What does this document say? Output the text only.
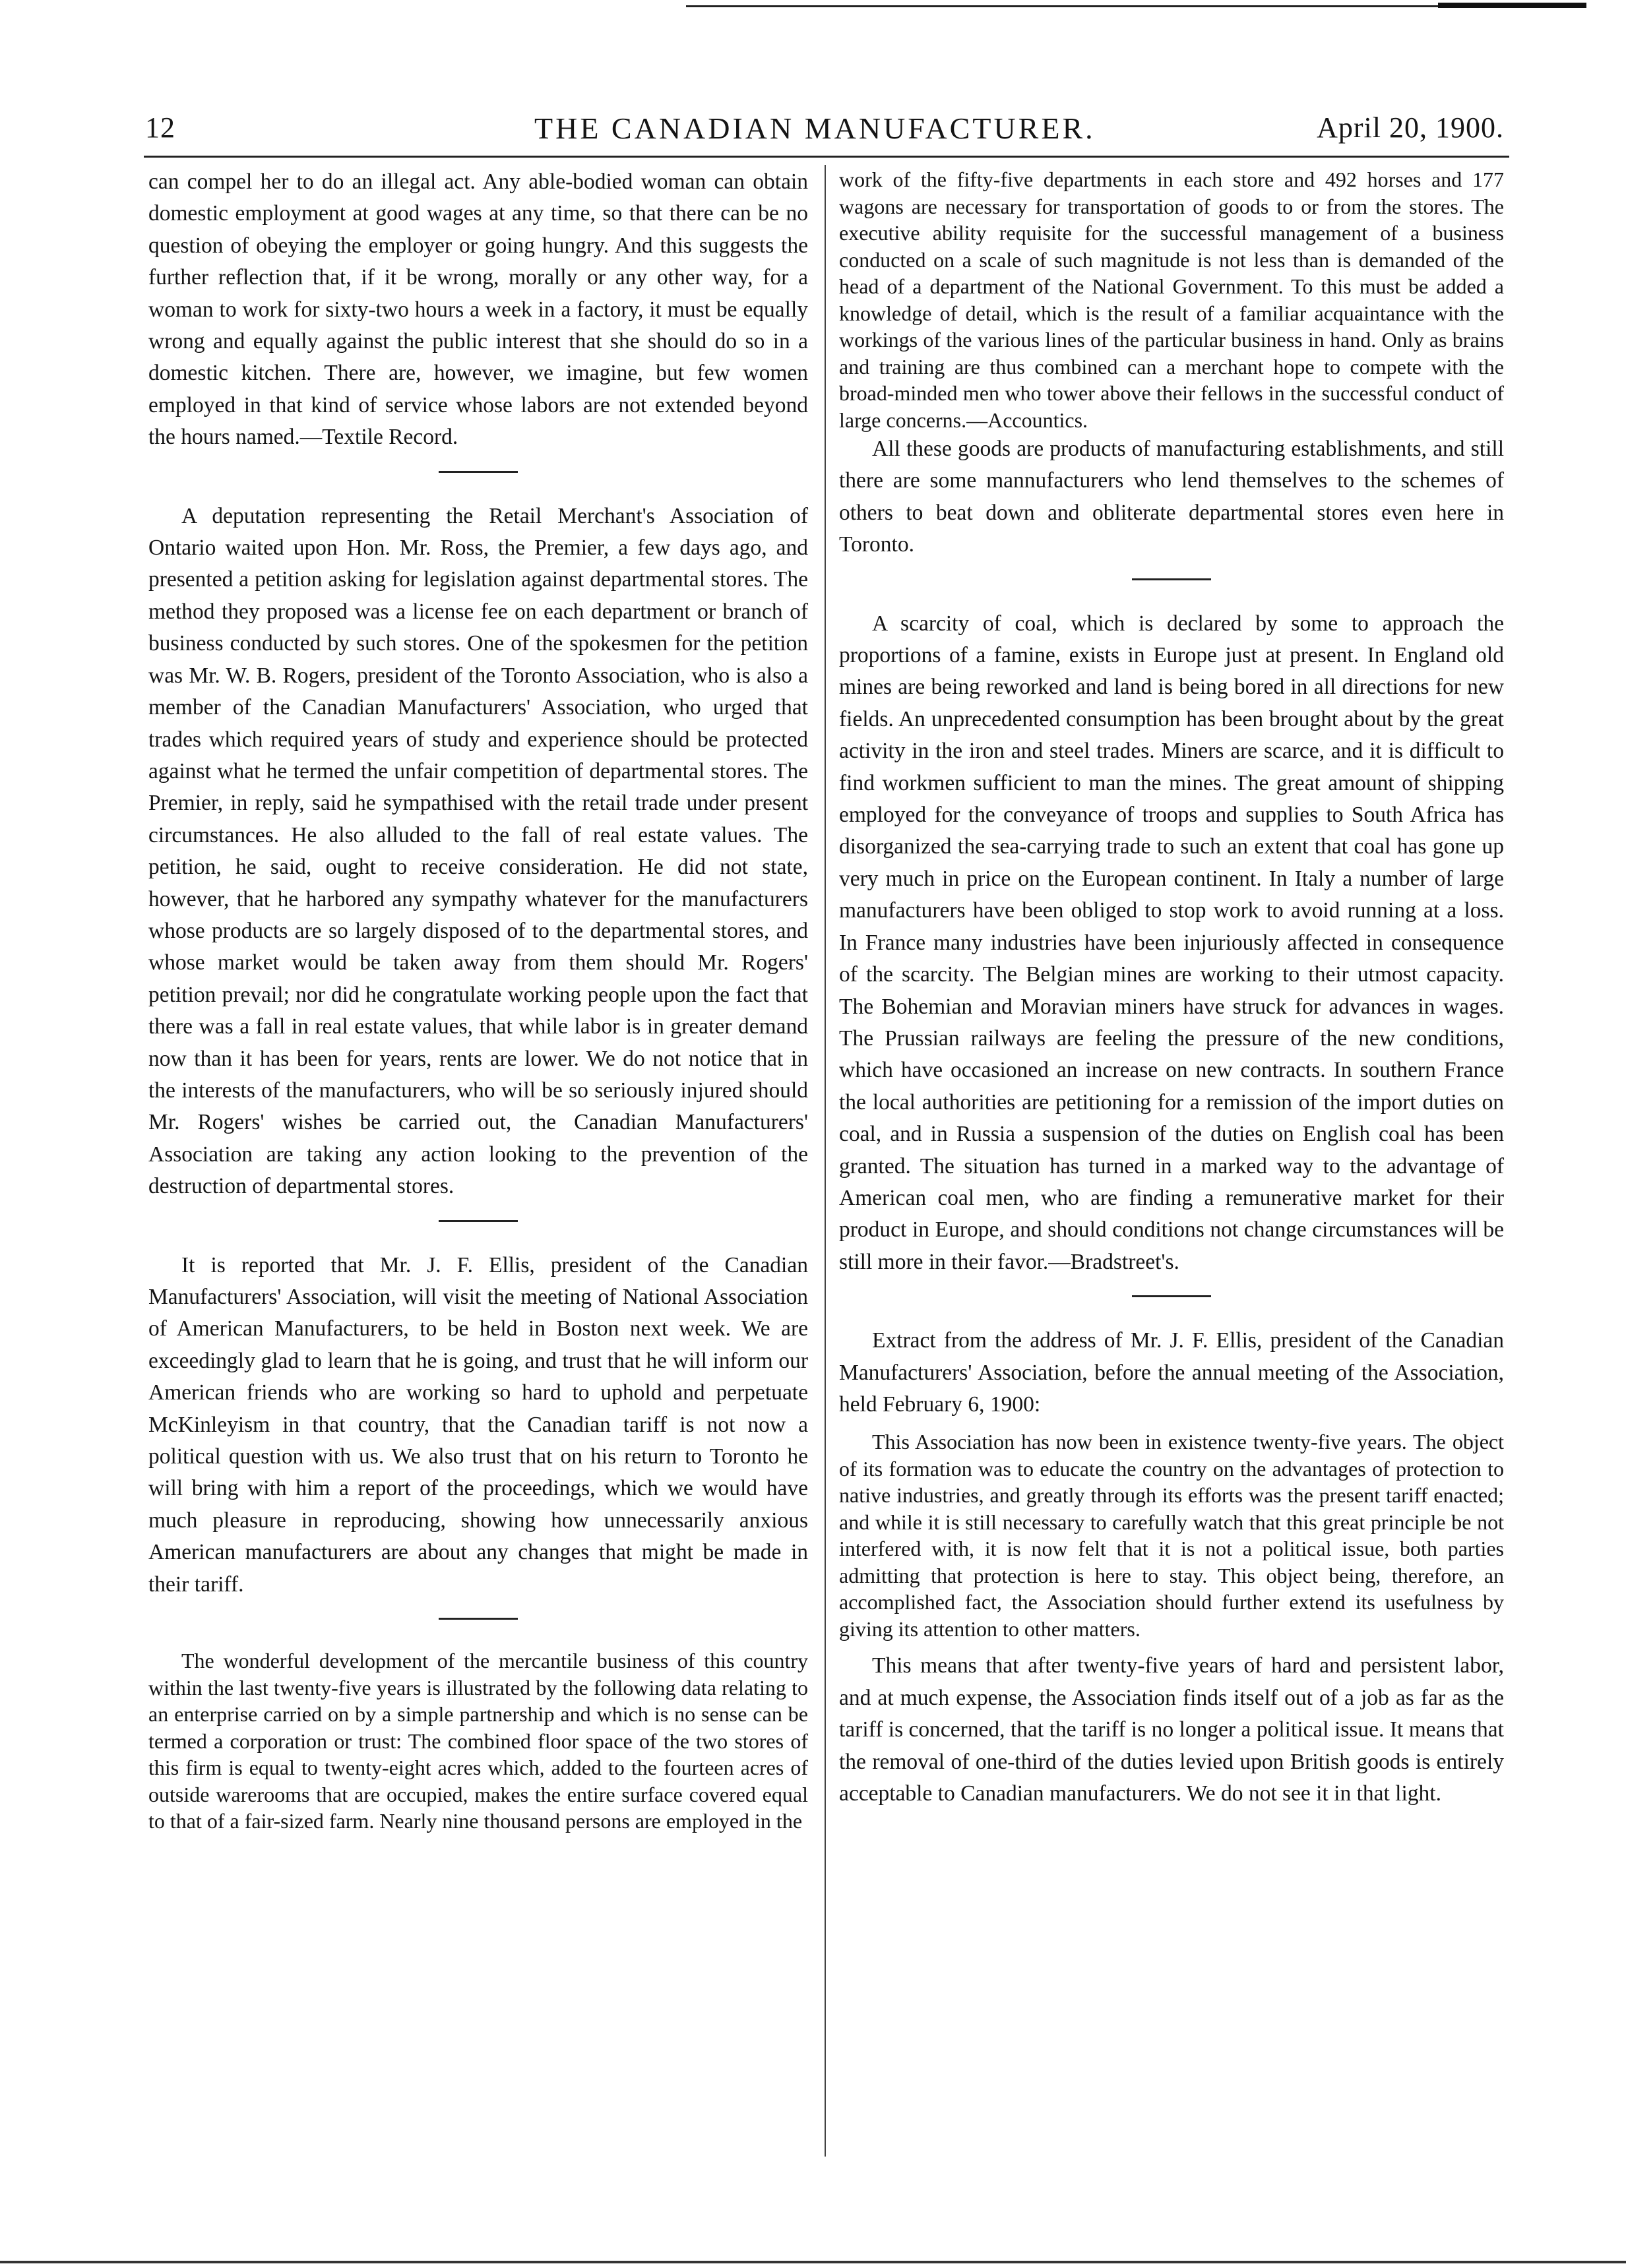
12	THE CANADIAN MANUFACTURER.	April 20, 1900.

can compel her to do an illegal act. Any able-bodied woman can obtain domestic employment at good wages at any time, so that there can be no question of obeying the employer or going hungry. And this suggests the further reflection that, if it be wrong, morally or any other way, for a woman to work for sixty-two hours a week in a factory, it must be equally wrong and equally against the public interest that she should do so in a domestic kitchen. There are, however, we imagine, but few women employed in that kind of service whose labors are not extended beyond the hours named.—Textile Record.

A deputation representing the Retail Merchant's Association of Ontario waited upon Hon. Mr. Ross, the Premier, a few days ago, and presented a petition asking for legislation against departmental stores. The method they proposed was a license fee on each department or branch of business conducted by such stores. One of the spokesmen for the petition was Mr. W. B. Rogers, president of the Toronto Association, who is also a member of the Canadian Manufacturers' Association, who urged that trades which required years of study and experience should be protected against what he termed the unfair competition of departmental stores. The Premier, in reply, said he sympathised with the retail trade under present circumstances. He also alluded to the fall of real estate values. The petition, he said, ought to receive consideration. He did not state, however, that he harbored any sympathy whatever for the manufacturers whose products are so largely disposed of to the departmental stores, and whose market would be taken away from them should Mr. Rogers' petition prevail; nor did he congratulate working people upon the fact that there was a fall in real estate values, that while labor is in greater demand now than it has been for years, rents are lower. We do not notice that in the interests of the manufacturers, who will be so seriously injured should Mr. Rogers' wishes be carried out, the Canadian Manufacturers' Association are taking any action looking to the prevention of the destruction of departmental stores.

It is reported that Mr. J. F. Ellis, president of the Canadian Manufacturers' Association, will visit the meeting of National Association of American Manufacturers, to be held in Boston next week. We are exceedingly glad to learn that he is going, and trust that he will inform our American friends who are working so hard to uphold and perpetuate McKinleyism in that country, that the Canadian tariff is not now a political question with us. We also trust that on his return to Toronto he will bring with him a report of the proceedings, which we would have much pleasure in reproducing, showing how unnecessarily anxious American manufacturers are about any changes that might be made in their tariff.

The wonderful development of the mercantile business of this country within the last twenty-five years is illustrated by the following data relating to an enterprise carried on by a simple partnership and which is no sense can be termed a corporation or trust: The combined floor space of the two stores of this firm is equal to twenty-eight acres which, added to the fourteen acres of outside warerooms that are occupied, makes the entire surface covered equal to that of a fair-sized farm. Nearly nine thousand persons are employed in the

work of the fifty-five departments in each store and 492 horses and 177 wagons are necessary for transportation of goods to or from the stores. The executive ability requisite for the successful management of a business conducted on a scale of such magnitude is not less than is demanded of the head of a department of the National Government. To this must be added a knowledge of detail, which is the result of a familiar acquaintance with the workings of the various lines of the particular business in hand. Only as brains and training are thus combined can a merchant hope to compete with the broad-minded men who tower above their fellows in the successful conduct of large concerns.—Accountics.

All these goods are products of manufacturing establishments, and still there are some mannufacturers who lend themselves to the schemes of others to beat down and obliterate departmental stores even here in Toronto.

A scarcity of coal, which is declared by some to approach the proportions of a famine, exists in Europe just at present. In England old mines are being reworked and land is being bored in all directions for new fields. An unprecedented consumption has been brought about by the great activity in the iron and steel trades. Miners are scarce, and it is difficult to find workmen sufficient to man the mines. The great amount of shipping employed for the conveyance of troops and supplies to South Africa has disorganized the sea-carrying trade to such an extent that coal has gone up very much in price on the European continent. In Italy a number of large manufacturers have been obliged to stop work to avoid running at a loss. In France many industries have been injuriously affected in consequence of the scarcity. The Belgian mines are working to their utmost capacity. The Bohemian and Moravian miners have struck for advances in wages. The Prussian railways are feeling the pressure of the new conditions, which have occasioned an increase on new contracts. In southern France the local authorities are petitioning for a remission of the import duties on coal, and in Russia a suspension of the duties on English coal has been granted. The situation has turned in a marked way to the advantage of American coal men, who are finding a remunerative market for their product in Europe, and should conditions not change circumstances will be still more in their favor.—Bradstreet's.

Extract from the address of Mr. J. F. Ellis, president of the Canadian Manufacturers' Association, before the annual meeting of the Association, held February 6, 1900:

This Association has now been in existence twenty-five years. The object of its formation was to educate the country on the advantages of protection to native industries, and greatly through its efforts was the present tariff enacted; and while it is still necessary to carefully watch that this great principle be not interfered with, it is now felt that it is not a political issue, both parties admitting that protection is here to stay. This object being, therefore, an accomplished fact, the Association should further extend its usefulness by giving its attention to other matters.

This means that after twenty-five years of hard and persistent labor, and at much expense, the Association finds itself out of a job as far as the tariff is concerned, that the tariff is no longer a political issue. It means that the removal of one-third of the duties levied upon British goods is entirely acceptable to Canadian manufacturers. We do not see it in that light.
